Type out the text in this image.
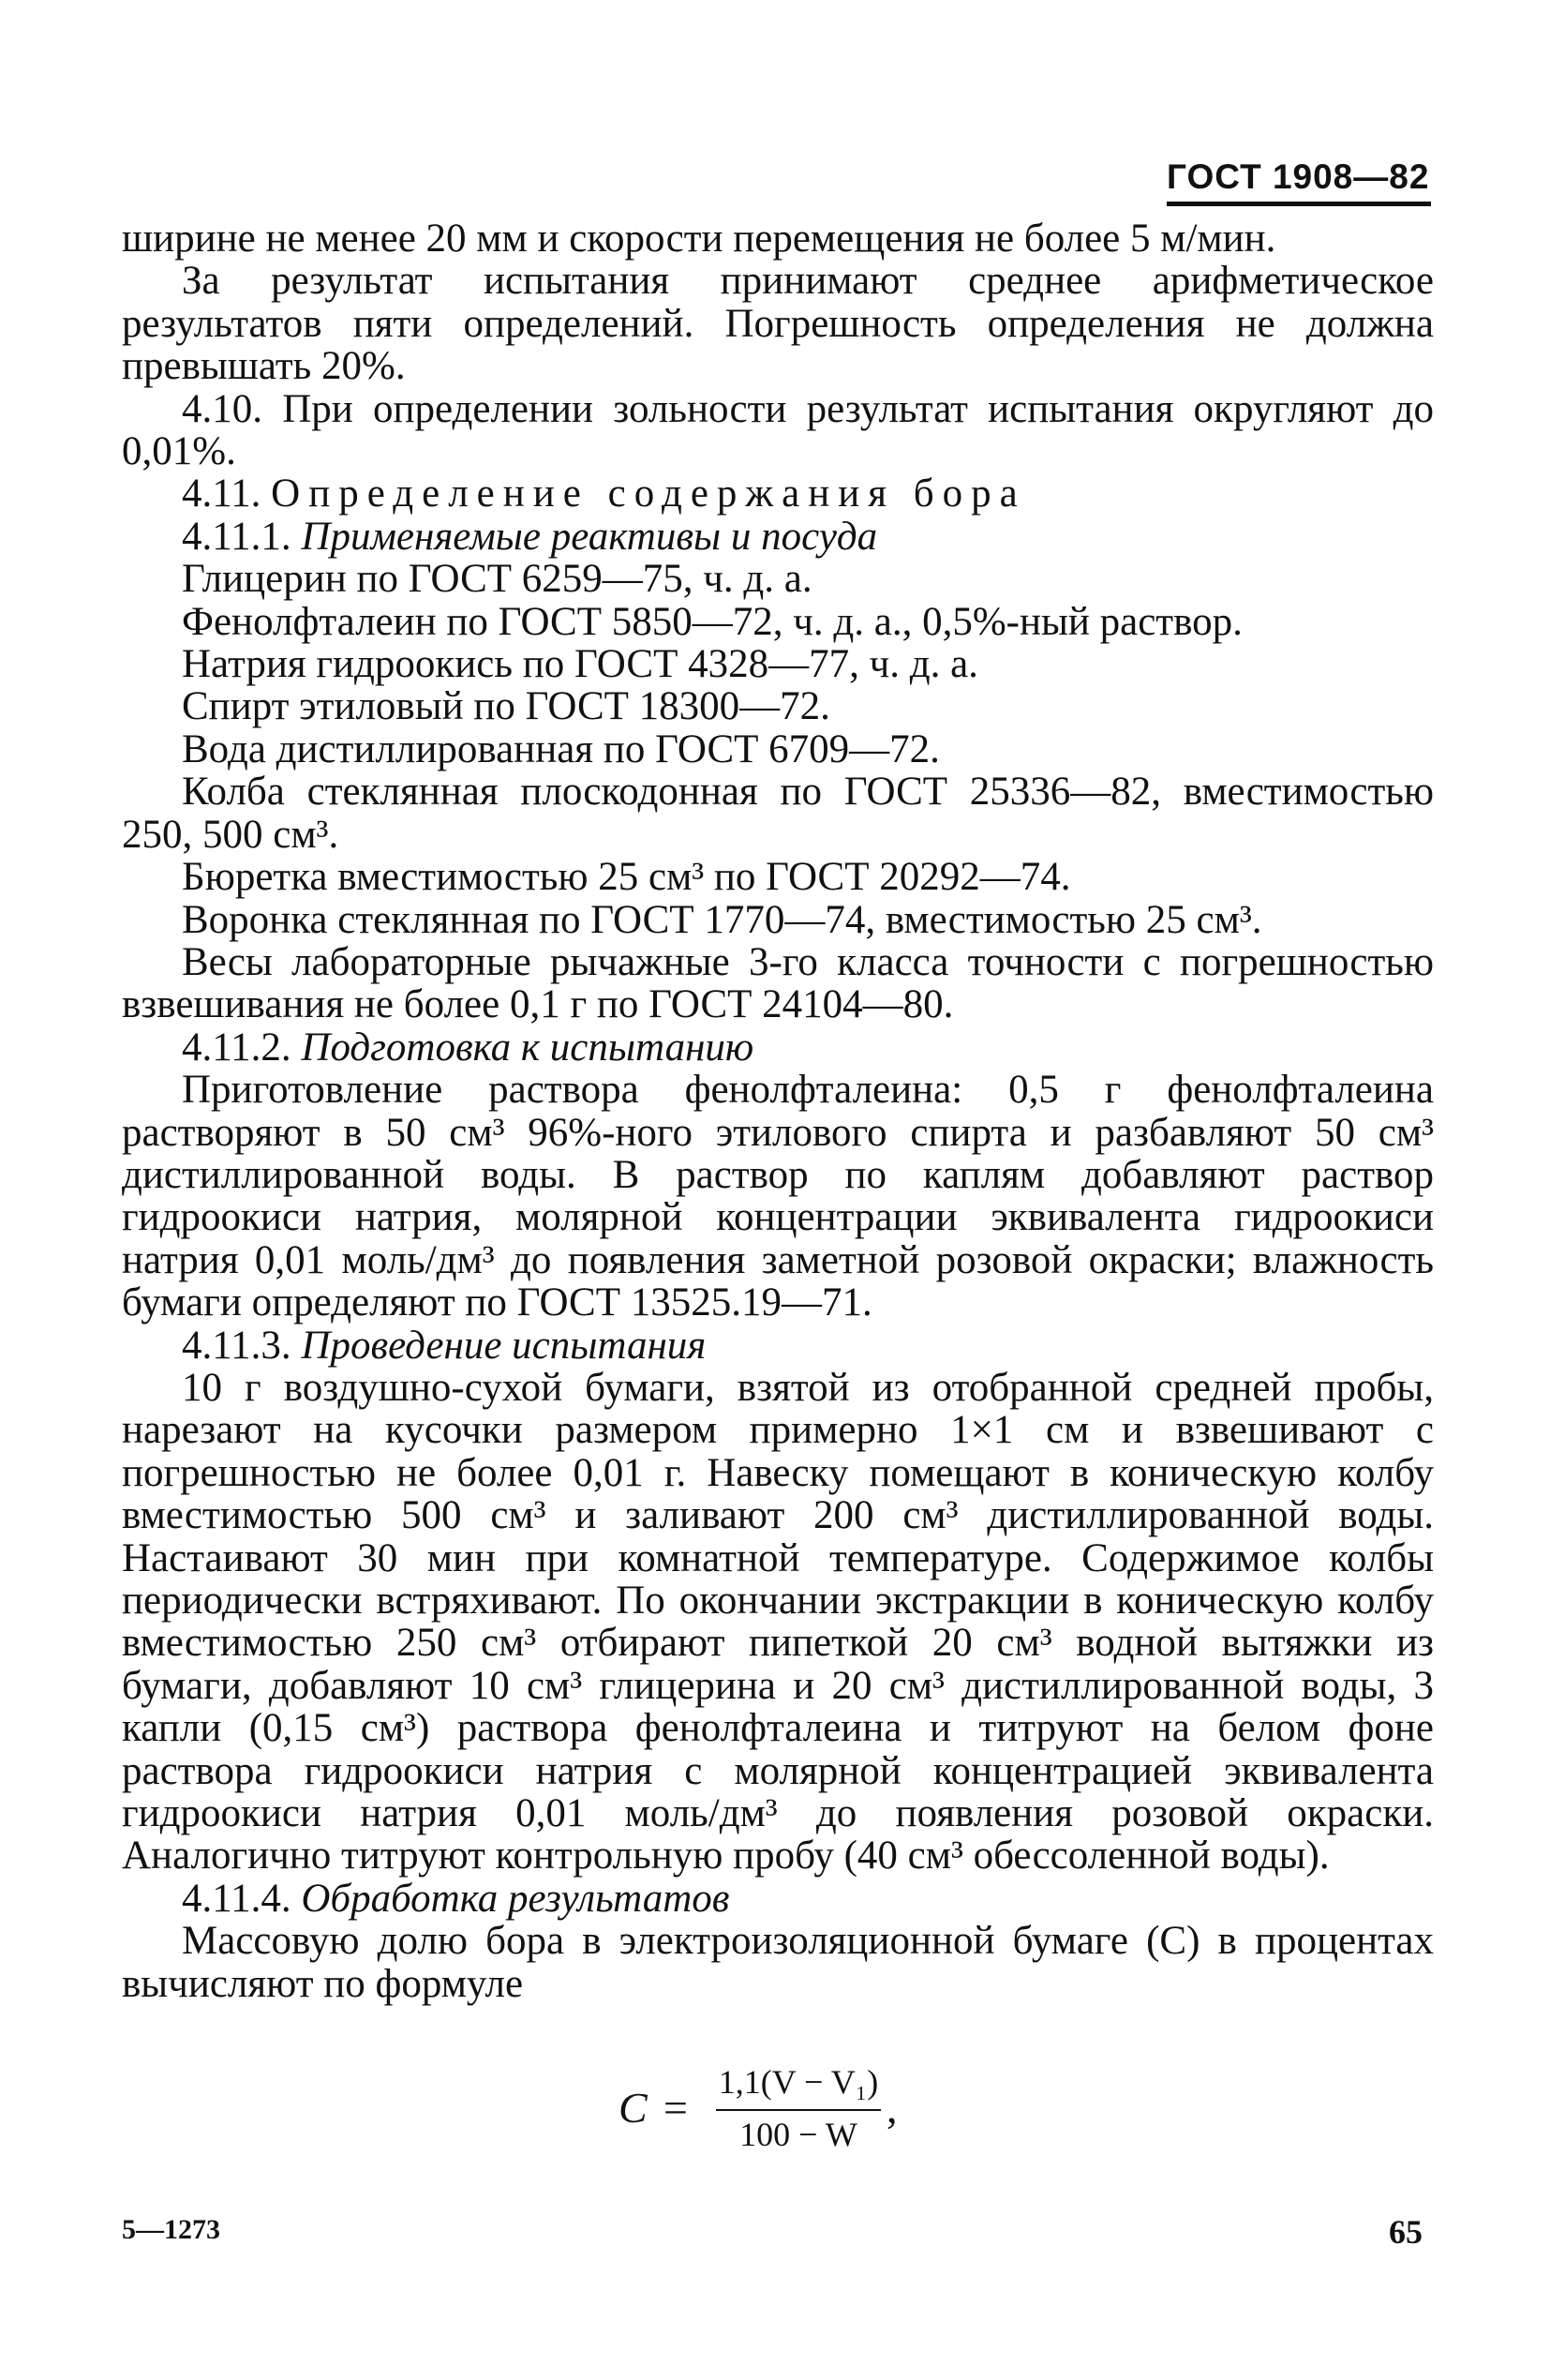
ГОСТ 1908—82

ширине не менее 20 мм и скорости перемещения не более 5 м/мин.

За результат испытания принимают среднее арифметическое результатов пяти определений. Погрешность определения не должна превышать 20%.

4.10. При определении зольности результат испытания округляют до 0,01%.

4.11. Определение содержания бора

4.11.1. Применяемые реактивы и посуда

Глицерин по ГОСТ 6259—75, ч. д. а.

Фенолфталеин по ГОСТ 5850—72, ч. д. а., 0,5%-ный раствор.

Натрия гидроокись по ГОСТ 4328—77, ч. д. а.

Спирт этиловый по ГОСТ 18300—72.

Вода дистиллированная по ГОСТ 6709—72.

Колба стеклянная плоскодонная по ГОСТ 25336—82, вместимостью 250, 500 см³.

Бюретка вместимостью 25 см³ по ГОСТ 20292—74.

Воронка стеклянная по ГОСТ 1770—74, вместимостью 25 см³.

Весы лабораторные рычажные 3-го класса точности с погрешностью взвешивания не более 0,1 г по ГОСТ 24104—80.

4.11.2. Подготовка к испытанию

Приготовление раствора фенолфталеина: 0,5 г фенолфталеина растворяют в 50 см³ 96%-ного этилового спирта и разбавляют 50 см³ дистиллированной воды. В раствор по каплям добавляют раствор гидроокиси натрия, молярной концентрации эквивалента гидроокиси натрия 0,01 моль/дм³ до появления заметной розовой окраски; влажность бумаги определяют по ГОСТ 13525.19—71.

4.11.3. Проведение испытания

10 г воздушно-сухой бумаги, взятой из отобранной средней пробы, нарезают на кусочки размером примерно 1×1 см и взвешивают с погрешностью не более 0,01 г. Навеску помещают в коническую колбу вместимостью 500 см³ и заливают 200 см³ дистиллированной воды. Настаивают 30 мин при комнатной температуре. Содержимое колбы периодически встряхивают. По окончании экстракции в коническую колбу вместимостью 250 см³ отбирают пипеткой 20 см³ водной вытяжки из бумаги, добавляют 10 см³ глицерина и 20 см³ дистиллированной воды, 3 капли (0,15 см³) раствора фенолфталеина и титруют на белом фоне раствора гидроокиси натрия с молярной концентрацией эквивалента гидроокиси натрия 0,01 моль/дм³ до появления розовой окраски. Аналогично титруют контрольную пробу (40 см³ обессоленной воды).

4.11.4. Обработка результатов

Массовую долю бора в электроизоляционной бумаге (C) в процентах вычисляют по формуле

C =
1,1(V − V₁)
100 − W
,
5—1273	65
